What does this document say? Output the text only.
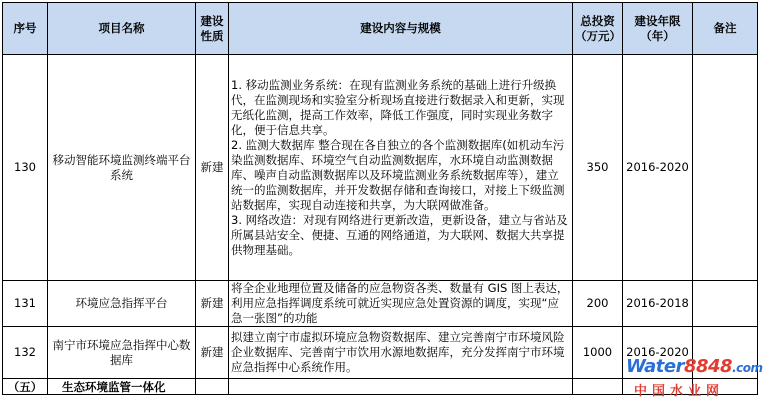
序号	项目名称	建设性质	建设内容与规模	总投资（万元）	建设年限（年）	备注
130	移动智能环境监测终端平台系统	新建	1. 移动监测业务系统：在现有监测业务系统的基础上进行升级换代，在监测现场和实验室分析现场直接进行数据录入和更新，实现无纸化监测，提高工作效率，降低工作强度，同时实现业务数字化，便于信息共享。
2. 监测大数据库 整合现在各自独立的各个监测数据库(如机动车污染监测数据库、环境空气自动监测数据库，水环境自动监测数据库、噪声自动监测数据库以及环境监测业务系统数据库等），建立统一的监测数据库，并开发数据存储和查询接口，对接上下级监测站数据库，实现自动连接和共享，为大联网做准备。
3. 网络改造：对现有网络进行更新改造，更新设备，建立与省站及所属县站安全、便捷、互通的网络通道，为大联网、数据大共享提供物理基础。	350	2016-2020	
131	环境应急指挥平台	新建	将全企业地理位置及储备的应急物资各类、数量有 GIS 图上表达，利用应急指挥调度系统可就近实现应急处置资源的调度，实现“应急一张图”的功能	200	2016-2018	
132	南宁市环境应急指挥中心数据库	新建	拟建立南宁市虚拟环境应急物资数据库、建立完善南宁市环境风险企业数据库、完善南宁市饮用水源地数据库，充分发挥南宁市环境应急指挥中心系统作用。	1000	2016-2020	
（五）	生态环境监管一体化					
Water8848.com
中国水业网
